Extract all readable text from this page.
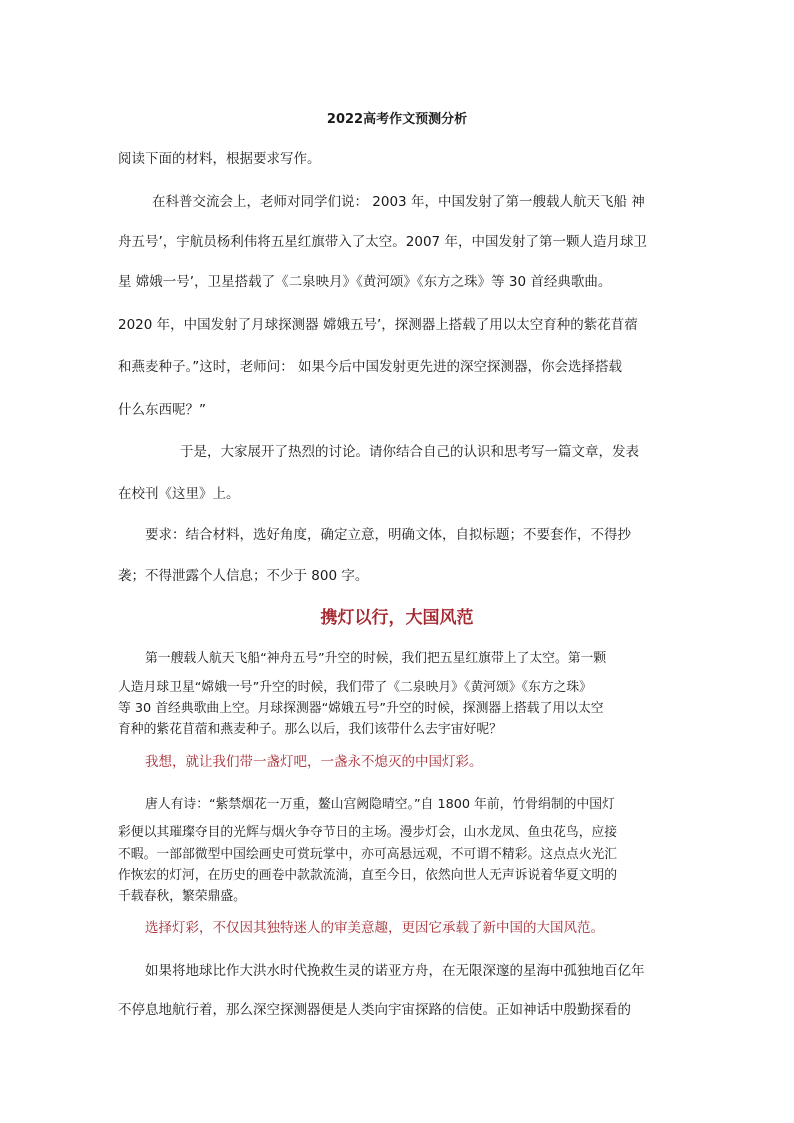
2022高考作文预测分析
阅读下面的材料，根据要求写作。
在科普交流会上，老师对同学们说： 2003 年，中国发射了第一艘载人航天飞船 神
舟五号’，宇航员杨利伟将五星红旗带入了太空。2007 年，中国发射了第一颗人造月球卫
星 嫦娥一号’，卫星搭载了《二泉映月》《黄河颂》《东方之珠》等 30 首经典歌曲。
2020 年，中国发射了月球探测器 嫦娥五号’，探测器上搭载了用以太空育种的紫花苜蓿
和燕麦种子。”这时，老师问： 如果今后中国发射更先进的深空探测器，你会选择搭载
什么东西呢？”
于是，大家展开了热烈的讨论。请你结合自己的认识和思考写一篇文章，发表
在校刊《这里》上。
要求：结合材料，选好角度，确定立意，明确文体，自拟标题；不要套作，不得抄
袭；不得泄露个人信息；不少于 800 字。
携灯以行，大国风范
第一艘载人航天飞船“神舟五号”升空的时候，我们把五星红旗带上了太空。第一颗
人造月球卫星“嫦娥一号”升空的时候，我们带了《二泉映月》《黄河颂》《东方之珠》
等 30 首经典歌曲上空。月球探测器“嫦娥五号”升空的时候，探测器上搭载了用以太空
育种的紫花苜蓿和燕麦种子。那么以后，我们该带什么去宇宙好呢？
我想，就让我们带一盏灯吧，一盏永不熄灭的中国灯彩。
唐人有诗：“紫禁烟花一万重，鳌山宫阙隐晴空。”自 1800 年前，竹骨绢制的中国灯
彩便以其璀璨夺目的光辉与烟火争夺节日的主场。漫步灯会，山水龙凤、鱼虫花鸟，应接
不暇。一部部微型中国绘画史可赏玩掌中，亦可高悬远观，不可谓不精彩。这点点火光汇
作恢宏的灯河，在历史的画卷中款款流淌，直至今日，依然向世人无声诉说着华夏文明的
千载春秋，繁荣鼎盛。
选择灯彩，不仅因其独特迷人的审美意趣，更因它承载了新中国的大国风范。
如果将地球比作大洪水时代挽救生灵的诺亚方舟，在无限深邃的星海中孤独地百亿年
不停息地航行着，那么深空探测器便是人类向宇宙探路的信使。正如神话中殷勤探看的
